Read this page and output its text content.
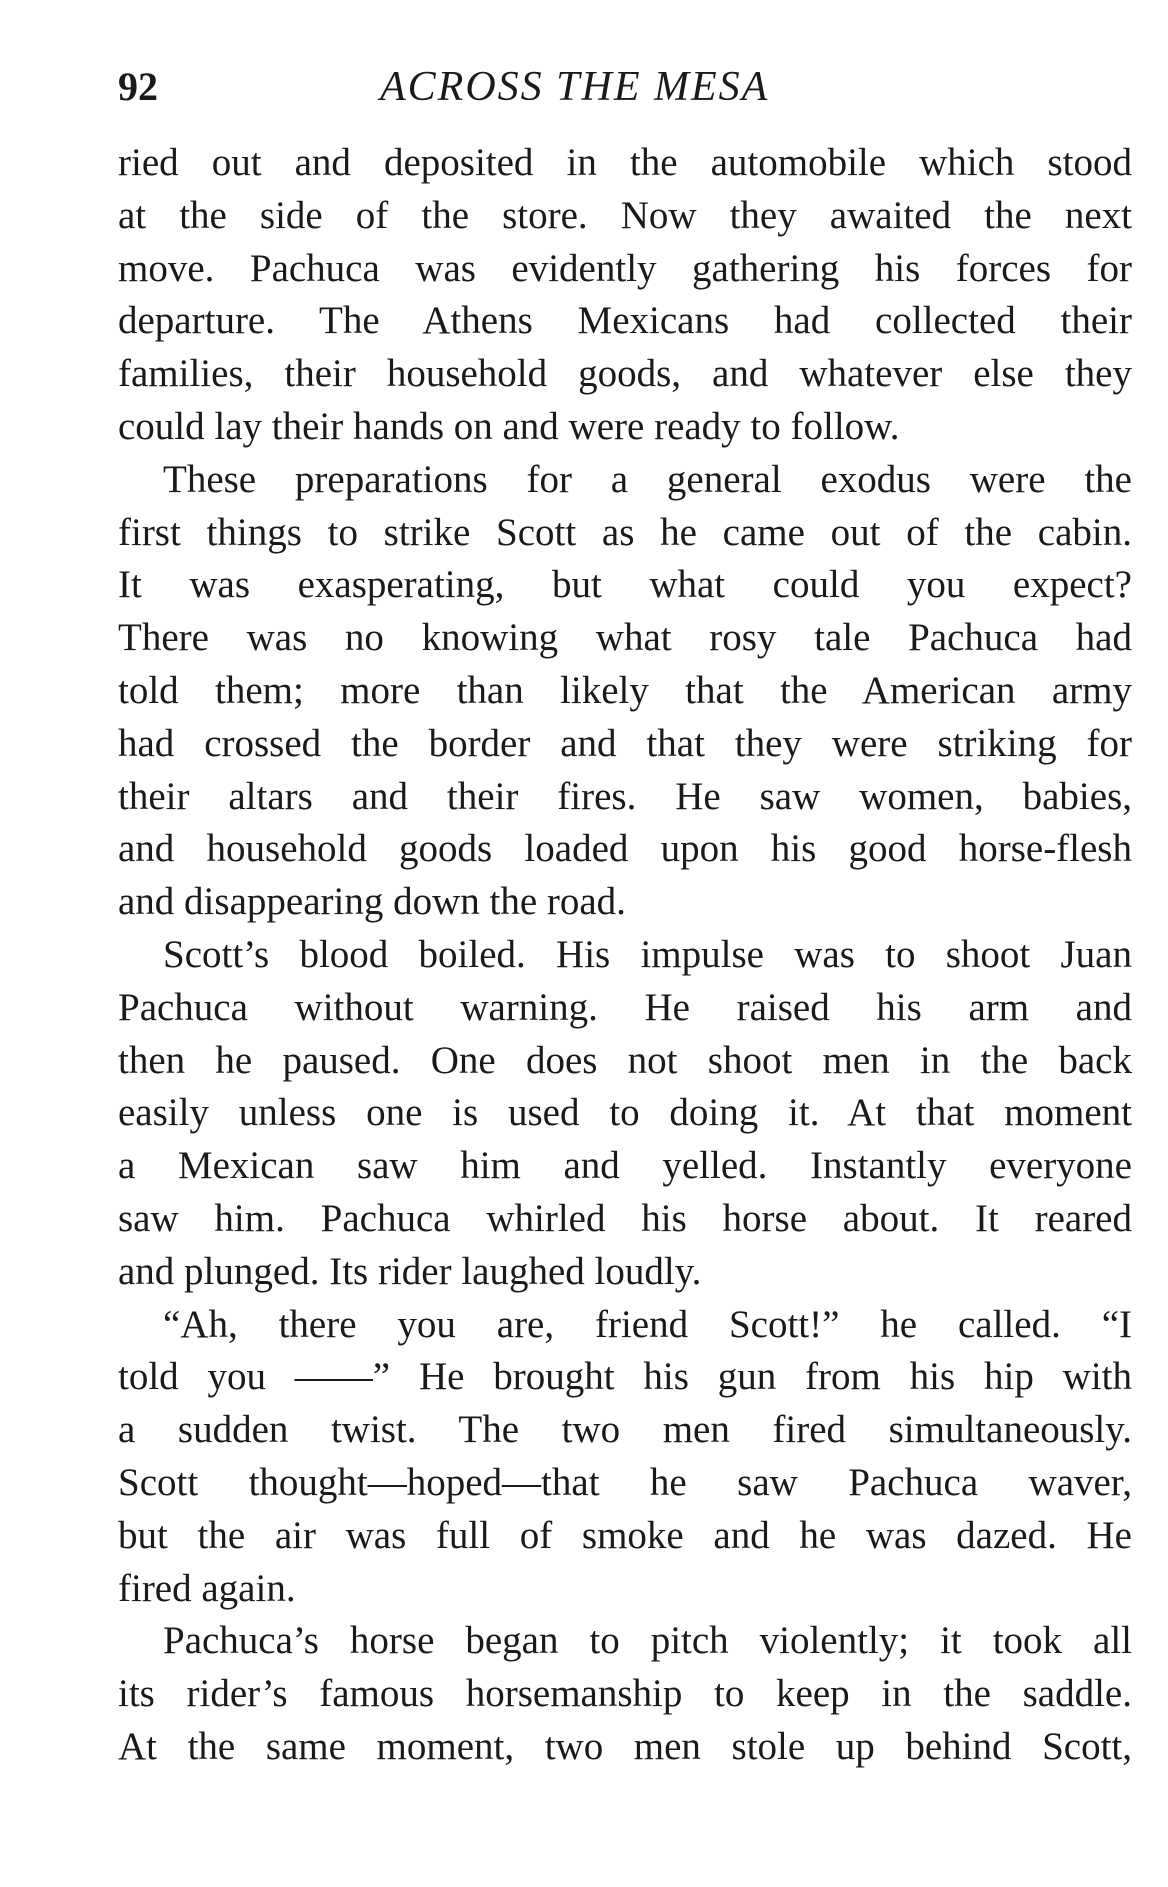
92	ACROSS THE MESA
ried out and deposited in the automobile which stood
at the side of the store. Now they awaited the next
move. Pachuca was evidently gathering his forces for
departure. The Athens Mexicans had collected their
families, their household goods, and whatever else they
could lay their hands on and were ready to follow.
These preparations for a general exodus were the
first things to strike Scott as he came out of the cabin.
It was exasperating, but what could you expect?
There was no knowing what rosy tale Pachuca had
told them; more than likely that the American army
had crossed the border and that they were striking for
their altars and their fires. He saw women, babies,
and household goods loaded upon his good horse-flesh
and disappearing down the road.
Scott’s blood boiled. His impulse was to shoot Juan
Pachuca without warning. He raised his arm and
then he paused. One does not shoot men in the back
easily unless one is used to doing it. At that moment
a Mexican saw him and yelled. Instantly everyone
saw him. Pachuca whirled his horse about. It reared
and plunged. Its rider laughed loudly.
“Ah, there you are, friend Scott!” he called. “I
told you ——” He brought his gun from his hip with
a sudden twist. The two men fired simultaneously.
Scott thought—hoped—that he saw Pachuca waver,
but the air was full of smoke and he was dazed. He
fired again.
Pachuca’s horse began to pitch violently; it took all
its rider’s famous horsemanship to keep in the saddle.
At the same moment, two men stole up behind Scott,
